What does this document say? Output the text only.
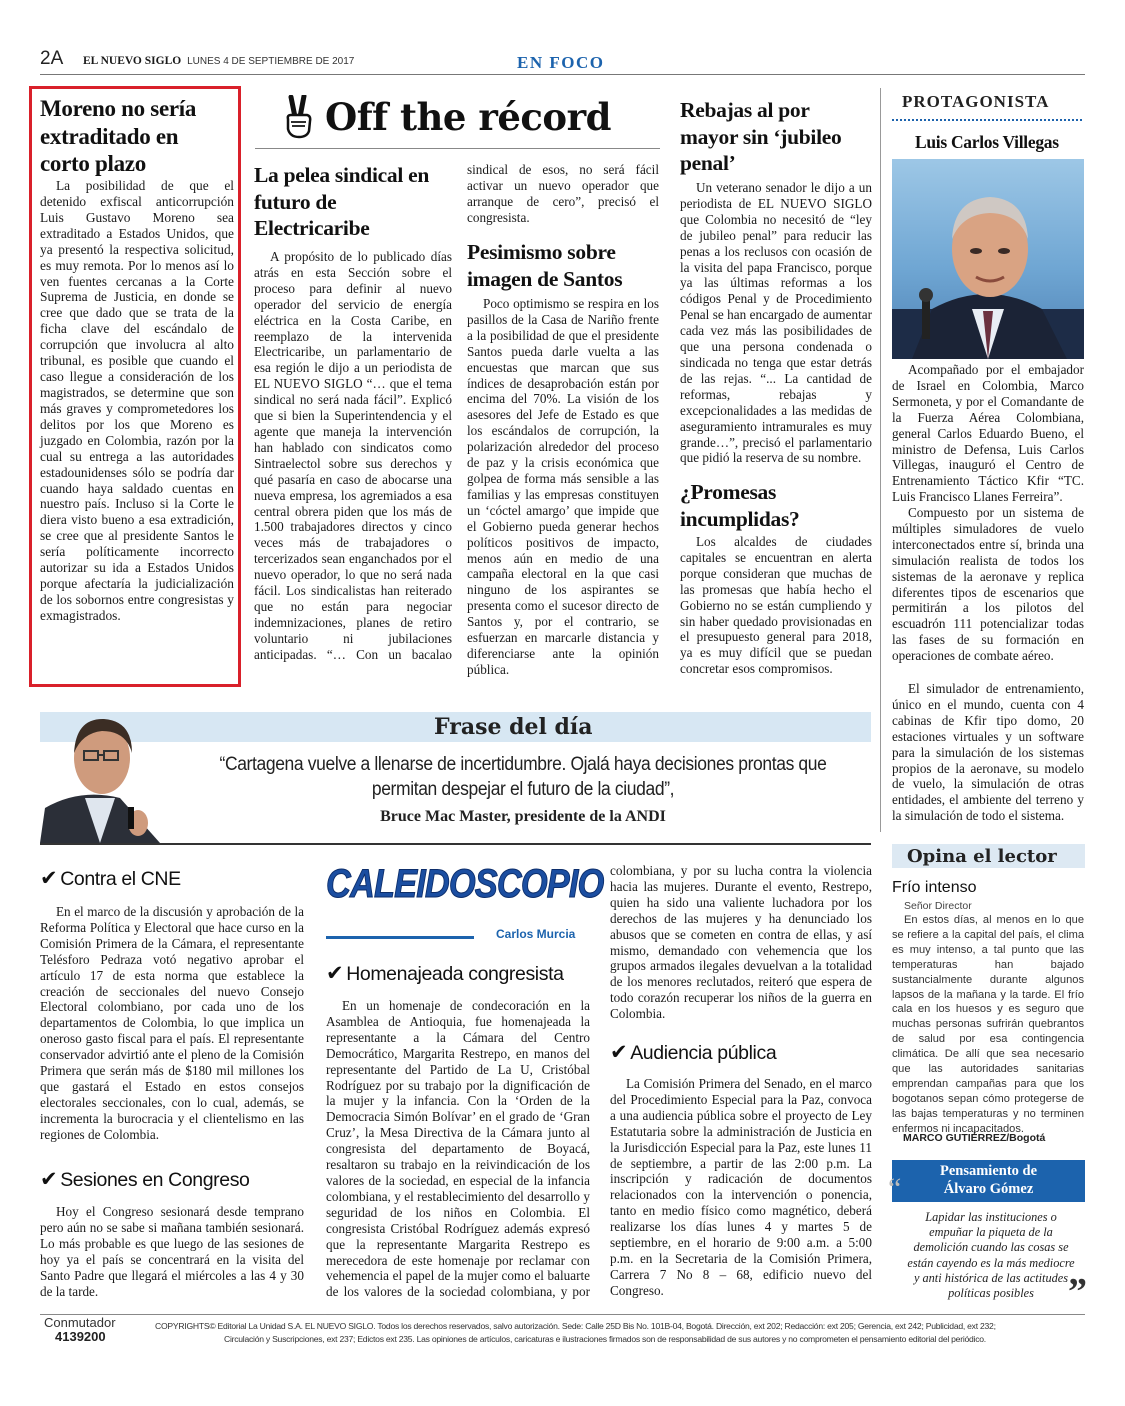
2A EL NUEVO SIGLO LUNES 4 DE SEPTIEMBRE DE 2017	EN FOCO
Moreno no sería extraditado en corto plazo

La posibilidad de que el detenido exfiscal anticorrupción Luis Gustavo Moreno sea extraditado a Estados Unidos, que ya presentó la respectiva solicitud, es muy remota. Por lo menos así lo ven fuentes cercanas a la Corte Suprema de Justicia, en donde se cree que dado que se trata de la ficha clave del escándalo de corrupción que involucra al alto tribunal, es posible que cuando el caso llegue a consideración de los magistrados, se determine que son más graves y comprometedores los delitos por los que Moreno es juzgado en Colombia, razón por la cual su entrega a las autoridades estadounidenses sólo se podría dar cuando haya saldado cuentas en nuestro país. Incluso si la Corte le diera visto bueno a esa extradición, se cree que al presidente Santos le sería políticamente incorrecto autorizar su ida a Estados Unidos porque afectaría la judicialización de los sobornos entre congresistas y exmagistrados.

Off the récord
La pelea sindical en futuro de Electricaribe

A propósito de lo publicado días atrás en esta Sección sobre el proceso para definir al nuevo operador del servicio de energía eléctrica en la Costa Caribe, en reemplazo de la intervenida Electricaribe, un parlamentario de esa región le dijo a un periodista de EL NUEVO SIGLO “… que el tema sindical no será nada fácil”. Explicó que si bien la Superintendencia y el agente que maneja la intervención han hablado con sindicatos como Sintraelectol sobre sus derechos y qué pasaría en caso de abocarse una nueva empresa, los agremiados a esa central obrera piden que los más de 1.500 trabajadores directos y cinco veces más de trabajadores o tercerizados sean enganchados por el nuevo operador, lo que no será nada fácil. Los sindicalistas han reiterado que no están para negociar indemnizaciones, planes de retiro voluntario ni jubilaciones anticipadas. “… Con un bacalao

sindical de esos, no será fácil activar un nuevo operador que arranque de cero”, precisó el congresista.

Pesimismo sobre imagen de Santos

Poco optimismo se respira en los pasillos de la Casa de Nariño frente a la posibilidad de que el presidente Santos pueda darle vuelta a las encuestas que marcan que sus índices de desaprobación están por encima del 70%. La visión de los asesores del Jefe de Estado es que los escándalos de corrupción, la polarización alrededor del proceso de paz y la crisis económica que golpea de forma más sensible a las familias y las empresas constituyen un ‘cóctel amargo’ que impide que el Gobierno pueda generar hechos políticos positivos de impacto, menos aún en medio de una campaña electoral en la que casi ninguno de los aspirantes se presenta como el sucesor directo de Santos y, por el contrario, se esfuerzan en marcarle distancia y diferenciarse ante la opinión pública.

Rebajas al por mayor sin ‘jubileo penal’

Un veterano senador le dijo a un periodista de EL NUEVO SIGLO que Colombia no necesitó de “ley de jubileo penal” para reducir las penas a los reclusos con ocasión de la visita del papa Francisco, porque ya las últimas reformas a los códigos Penal y de Procedimiento Penal se han encargado de aumentar cada vez más las posibilidades de que una persona condenada o sindicada no tenga que estar detrás de las rejas. “... La cantidad de reformas, rebajas y excepcionalidades a las medidas de aseguramiento intramurales es muy grande…”, precisó el parlamentario que pidió la reserva de su nombre.

¿Promesas incumplidas?

Los alcaldes de ciudades capitales se encuentran en alerta porque consideran que muchas de las promesas que había hecho el Gobierno no se están cumpliendo y sin haber quedado provisionadas en el presupuesto general para 2018, ya es muy difícil que se puedan concretar esos compromisos.

PROTAGONISTA
Luis Carlos Villegas

Acompañado por el embajador de Israel en Colombia, Marco Sermoneta, y por el Comandante de la Fuerza Aérea Colombiana, general Carlos Eduardo Bueno, el ministro de Defensa, Luis Carlos Villegas, inauguró el Centro de Entrenamiento Táctico Kfir “TC. Luis Francisco Llanes Ferreira”.

Compuesto por un sistema de múltiples simuladores de vuelo interconectados entre sí, brinda una simulación realista de todos los sistemas de la aeronave y replica diferentes tipos de escenarios que permitirán a los pilotos del escuadrón 111 potencializar todas las fases de su formación en operaciones de combate aéreo.

El simulador de entrenamiento, único en el mundo, cuenta con 4 cabinas de Kfir tipo domo, 20 estaciones virtuales y un software para la simulación de los sistemas propios de la aeronave, su modelo de vuelo, la simulación de otras entidades, el ambiente del terreno y la simulación de todo el sistema.

Frase del día
“Cartagena vuelve a llenarse de incertidumbre. Ojalá haya decisiones prontas que permitan despejar el futuro de la ciudad”,
Bruce Mac Master, presidente de la ANDI
✔ Contra el CNE

En el marco de la discusión y aprobación de la Reforma Política y Electoral que hace curso en la Comisión Primera de la Cámara, el representante Telésforo Pedraza votó negativo aprobar el artículo 17 de esta norma que establece la creación de seccionales del nuevo Consejo Electoral colombiano, por cada uno de los departamentos de Colombia, lo que implica un oneroso gasto fiscal para el país. El representante conservador advirtió ante el pleno de la Comisión Primera que serán más de $180 mil millones los que gastará el Estado en estos consejos electorales seccionales, con lo cual, además, se incrementa la burocracia y el clientelismo en las regiones de Colombia.

✔ Sesiones en Congreso

Hoy el Congreso sesionará desde temprano pero aún no se sabe si mañana también sesionará. Lo más probable es que luego de las sesiones de hoy ya el país se concentrará en la visita del Santo Padre que llegará el miércoles a las 4 y 30 de la tarde.

CALEIDOSCOPIO
Carlos Murcia
✔ Homenajeada congresista

En un homenaje de condecoración en la Asamblea de Antioquia, fue homenajeada la representante a la Cámara del Centro Democrático, Margarita Restrepo, en manos del representante del Partido de La U, Cristóbal Rodríguez por su trabajo por la dignificación de la mujer y la infancia. Con la ‘Orden de la Democracia Simón Bolívar’ en el grado de ‘Gran Cruz’, la Mesa Directiva de la Cámara junto al congresista del departamento de Boyacá, resaltaron su trabajo en la reivindicación de los valores de la sociedad, en especial de la infancia colombiana, y el restablecimiento del desarrollo y seguridad de los niños en Colombia. El congresista Cristóbal Rodríguez además expresó que la representante Margarita Restrepo es merecedora de este homenaje por reclamar con vehemencia el papel de la mujer como el baluarte de los valores de la sociedad colombiana, y por

colombiana, y por su lucha contra la violencia hacia las mujeres. Durante el evento, Restrepo, quien ha sido una valiente luchadora por los derechos de las mujeres y ha denunciado los abusos que se cometen en contra de ellas, y así mismo, demandado con vehemencia que los grupos armados ilegales devuelvan a la totalidad de los menores reclutados, reiteró que espera de todo corazón recuperar los niños de la guerra en Colombia.

✔ Audiencia pública

La Comisión Primera del Senado, en el marco del Procedimiento Especial para la Paz, convoca a una audiencia pública sobre el proyecto de Ley Estatutaria sobre la administración de Justicia en la Jurisdicción Especial para la Paz, este lunes 11 de septiembre, a partir de las 2:00 p.m. La inscripción y radicación de documentos relacionados con la intervención o ponencia, tanto en medio físico como magnético, deberá realizarse los días lunes 4 y martes 5 de septiembre, en el horario de 9:00 a.m. a 5:00 p.m. en la Secretaria de la Comisión Primera, Carrera 7 No 8 – 68, edificio nuevo del Congreso.

Opina el lector
Frío intenso
Señor Director

En estos días, al menos en lo que se refiere a la capital del país, el clima es muy intenso, a tal punto que las temperaturas han bajado sustancialmente durante algunos lapsos de la mañana y la tarde. El frío cala en los huesos y es seguro que muchas personas sufrirán quebrantos de salud por esa contingencia climática. De allí que sea necesario que las autoridades sanitarias emprendan campañas para que los bogotanos sepan cómo protegerse de las bajas temperaturas y no terminen enfermos ni incapacitados.

MARCO GUTIÉRREZ/Bogotá
Pensamiento de
Álvaro Gómez
“

Lapidar las instituciones o empuñar la piqueta de la demolición cuando las cosas se están cayendo es la más mediocre y anti histórica de las actitudes políticas posibles ”
Conmutador
4139200
COPYRIGHTS© Editorial La Unidad S.A. EL NUEVO SIGLO. Todos los derechos reservados, salvo autorización. Sede: Calle 25D Bis No. 101B-04, Bogotá. Dirección, ext 202; Redacción: ext 205; Gerencia, ext 242; Publicidad, ext 232;
Circulación y Suscripciones, ext 237; Edictos ext 235. Las opiniones de artículos, caricaturas e ilustraciones firmados son de responsabilidad de sus autores y no comprometen el pensamiento editorial del periódico.
